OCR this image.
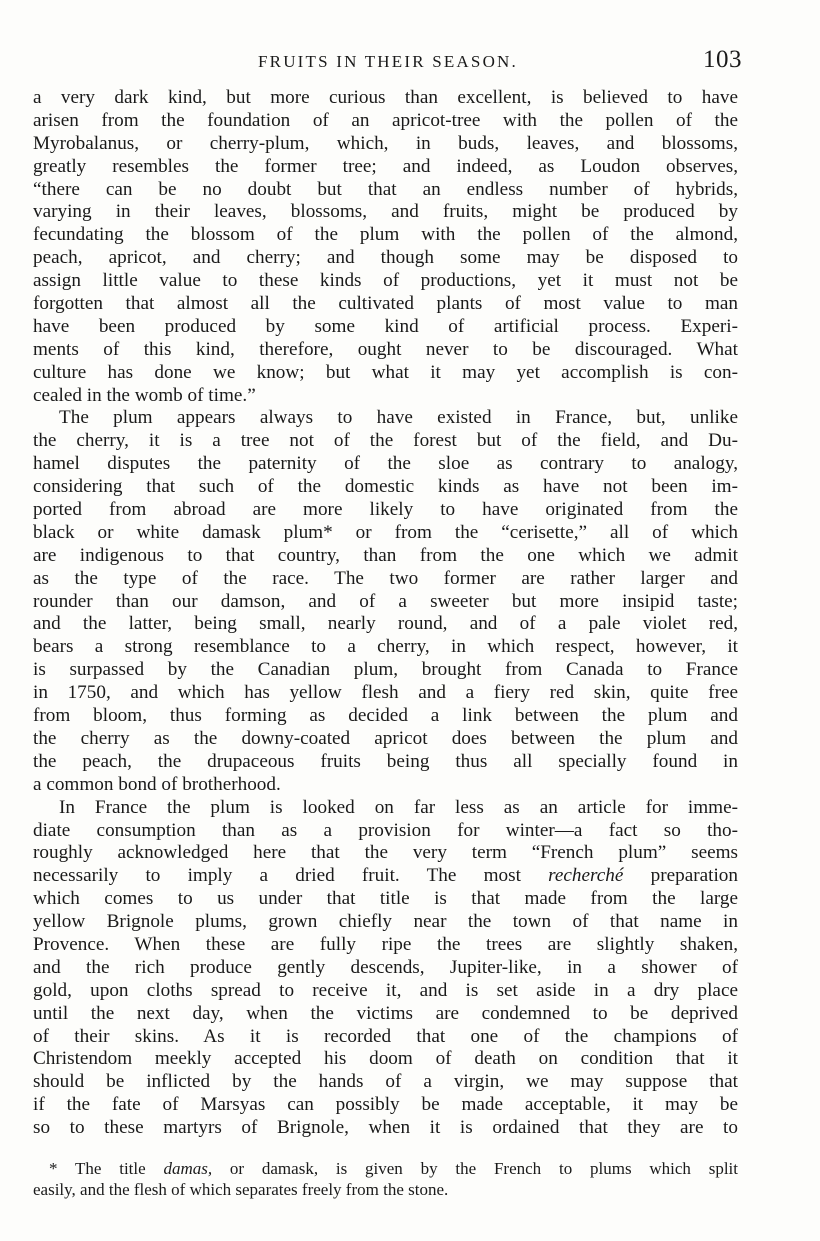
FRUITS IN THEIR SEASON.	103
a very dark kind, but more curious than excellent, is believed to have
arisen from the foundation of an apricot-tree with the pollen of the
Myrobalanus, or cherry-plum, which, in buds, leaves, and blossoms,
greatly resembles the former tree; and indeed, as Loudon observes,
“there can be no doubt but that an endless number of hybrids,
varying in their leaves, blossoms, and fruits, might be produced by
fecundating the blossom of the plum with the pollen of the almond,
peach, apricot, and cherry; and though some may be disposed to
assign little value to these kinds of productions, yet it must not be
forgotten that almost all the cultivated plants of most value to man
have been produced by some kind of artificial process. Experi-
ments of this kind, therefore, ought never to be discouraged. What
culture has done we know; but what it may yet accomplish is con-
cealed in the womb of time.”
The plum appears always to have existed in France, but, unlike
the cherry, it is a tree not of the forest but of the field, and Du-
hamel disputes the paternity of the sloe as contrary to analogy,
considering that such of the domestic kinds as have not been im-
ported from abroad are more likely to have originated from the
black or white damask plum* or from the “cerisette,” all of which
are indigenous to that country, than from the one which we admit
as the type of the race. The two former are rather larger and
rounder than our damson, and of a sweeter but more insipid taste;
and the latter, being small, nearly round, and of a pale violet red,
bears a strong resemblance to a cherry, in which respect, however, it
is surpassed by the Canadian plum, brought from Canada to France
in 1750, and which has yellow flesh and a fiery red skin, quite free
from bloom, thus forming as decided a link between the plum and
the cherry as the downy-coated apricot does between the plum and
the peach, the drupaceous fruits being thus all specially found in
a common bond of brotherhood.
In France the plum is looked on far less as an article for imme-
diate consumption than as a provision for winter—a fact so tho-
roughly acknowledged here that the very term “French plum” seems
necessarily to imply a dried fruit. The most recherché preparation
which comes to us under that title is that made from the large
yellow Brignole plums, grown chiefly near the town of that name in
Provence. When these are fully ripe the trees are slightly shaken,
and the rich produce gently descends, Jupiter-like, in a shower of
gold, upon cloths spread to receive it, and is set aside in a dry place
until the next day, when the victims are condemned to be deprived
of their skins. As it is recorded that one of the champions of
Christendom meekly accepted his doom of death on condition that it
should be inflicted by the hands of a virgin, we may suppose that
if the fate of Marsyas can possibly be made acceptable, it may be
so to these martyrs of Brignole, when it is ordained that they are to
* The title damas, or damask, is given by the French to plums which split
easily, and the flesh of which separates freely from the stone.
